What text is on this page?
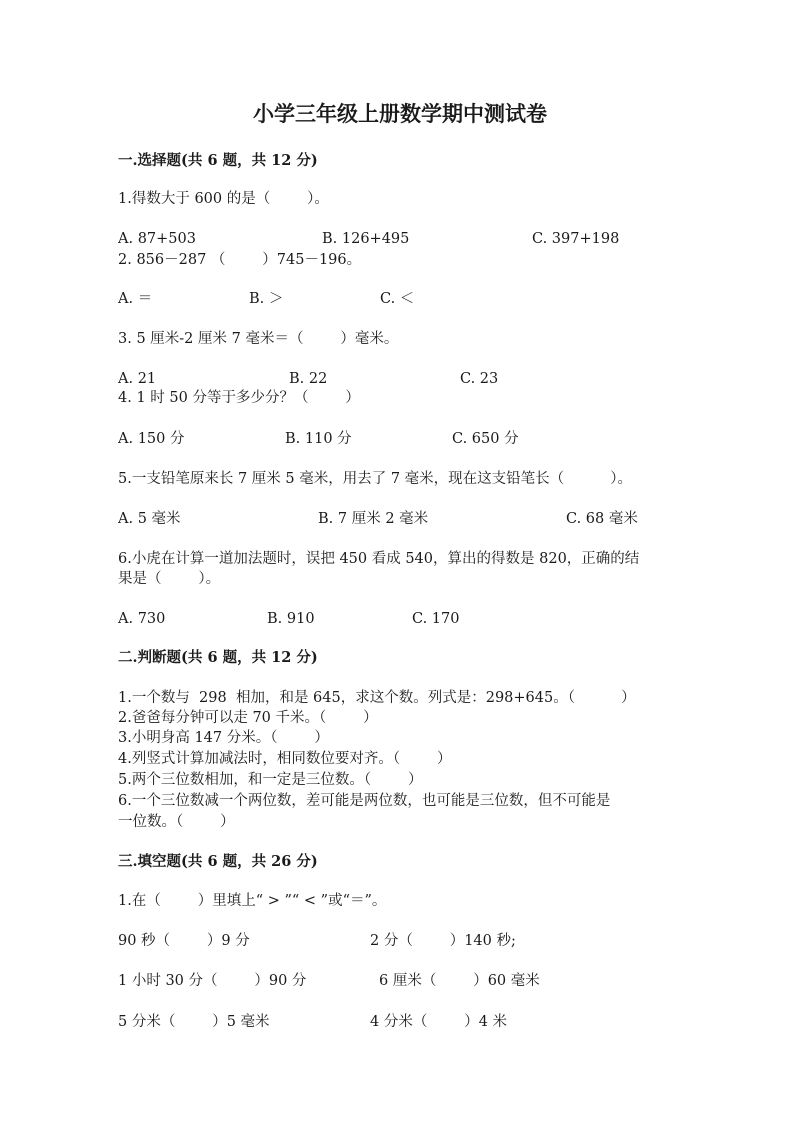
小学三年级上册数学期中测试卷
一.选择题(共 6 题，共 12 分)
1.得数大于 600 的是（        ）。
A. 87+503	B. 126+495	C. 397+198
2. 856－287 （        ）745－196。
A. ＝	B. ＞	C. ＜
3. 5 厘米-2 厘米 7 毫米＝（        ）毫米。
A. 21	B. 22	C. 23
4. 1 时 50 分等于多少分？（        ）
A. 150 分	B. 110 分	C. 650 分
5.一支铅笔原来长 7 厘米 5 毫米，用去了 7 毫米，现在这支铅笔长（          ）。
A. 5 毫米	B. 7 厘米 2 毫米	C. 68 毫米
6.小虎在计算一道加法题时，误把 450 看成 540，算出的得数是 820，正确的结
果是（        ）。
A. 730	B. 910	C. 170
二.判断题(共 6 题，共 12 分)
1.一个数与  298  相加，和是 645，求这个数。列式是：298+645。（          ）
2.爸爸每分钟可以走 70 千米。（        ）
3.小明身高 147 分米。（        ）
4.列竖式计算加减法时，相同数位要对齐。（        ）
5.两个三位数相加，和一定是三位数。（        ）
6.一个三位数减一个两位数，差可能是两位数，也可能是三位数，但不可能是
一位数。（        ）
三.填空题(共 6 题，共 26 分)
1.在（        ）里填上“ > ”“ < ”或“＝”。
90 秒（        ）9 分	2 分（        ）140 秒;
1 小时 30 分（        ）90 分	6 厘米（        ）60 毫米
5 分米（        ）5 毫米	4 分米（        ）4 米
